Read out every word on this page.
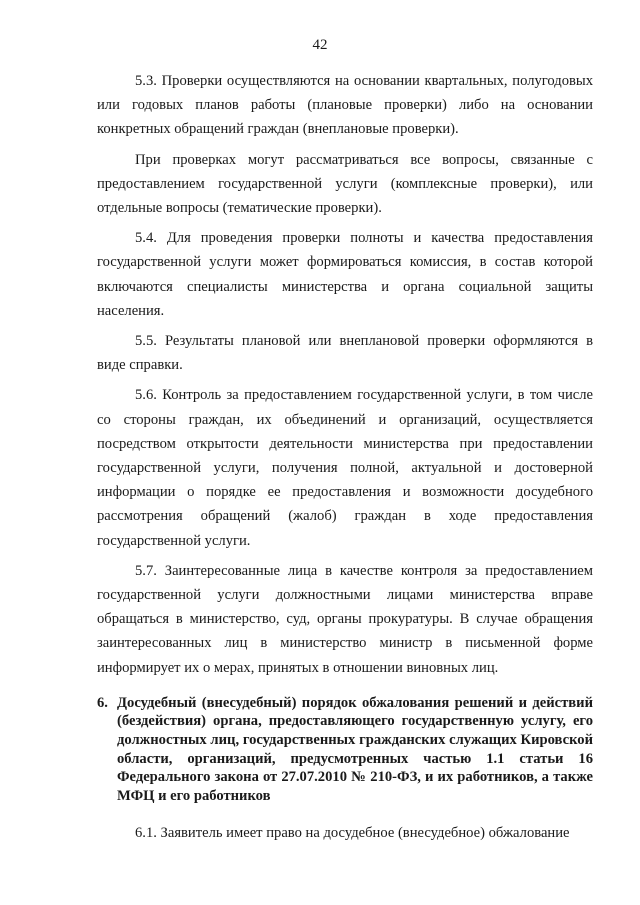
42

5.3. Проверки осуществляются на основании квартальных, полугодовых или годовых планов работы (плановые проверки) либо на основании конкретных обращений граждан (внеплановые проверки).

При проверках могут рассматриваться все вопросы, связанные с предоставлением государственной услуги (комплексные проверки), или отдельные вопросы (тематические проверки).

5.4. Для проведения проверки полноты и качества предоставления государственной услуги может формироваться комиссия, в состав которой включаются специалисты министерства и органа социальной защиты населения.

5.5. Результаты плановой или внеплановой проверки оформляются в виде справки.

5.6. Контроль за предоставлением государственной услуги, в том числе со стороны граждан, их объединений и организаций, осуществляется посредством открытости деятельности министерства при предоставлении государственной услуги, получения полной, актуальной и достоверной информации о порядке ее предоставления и возможности досудебного рассмотрения обращений (жалоб) граждан в ходе предоставления государственной услуги.

5.7. Заинтересованные лица в качестве контроля за предоставлением государственной услуги должностными лицами министерства вправе обращаться в министерство, суд, органы прокуратуры. В случае обращения заинтересованных лиц в министерство министр в письменной форме информирует их о мерах, принятых в отношении виновных лиц.

6. Досудебный (внесудебный) порядок обжалования решений и действий (бездействия) органа, предоставляющего государственную услугу, его должностных лиц, государственных гражданских служащих Кировской области, организаций, предусмотренных частью 1.1 статьи 16 Федерального закона от 27.07.2010 № 210-ФЗ, и их работников, а также МФЦ и его работников

6.1. Заявитель имеет право на досудебное (внесудебное) обжалование
